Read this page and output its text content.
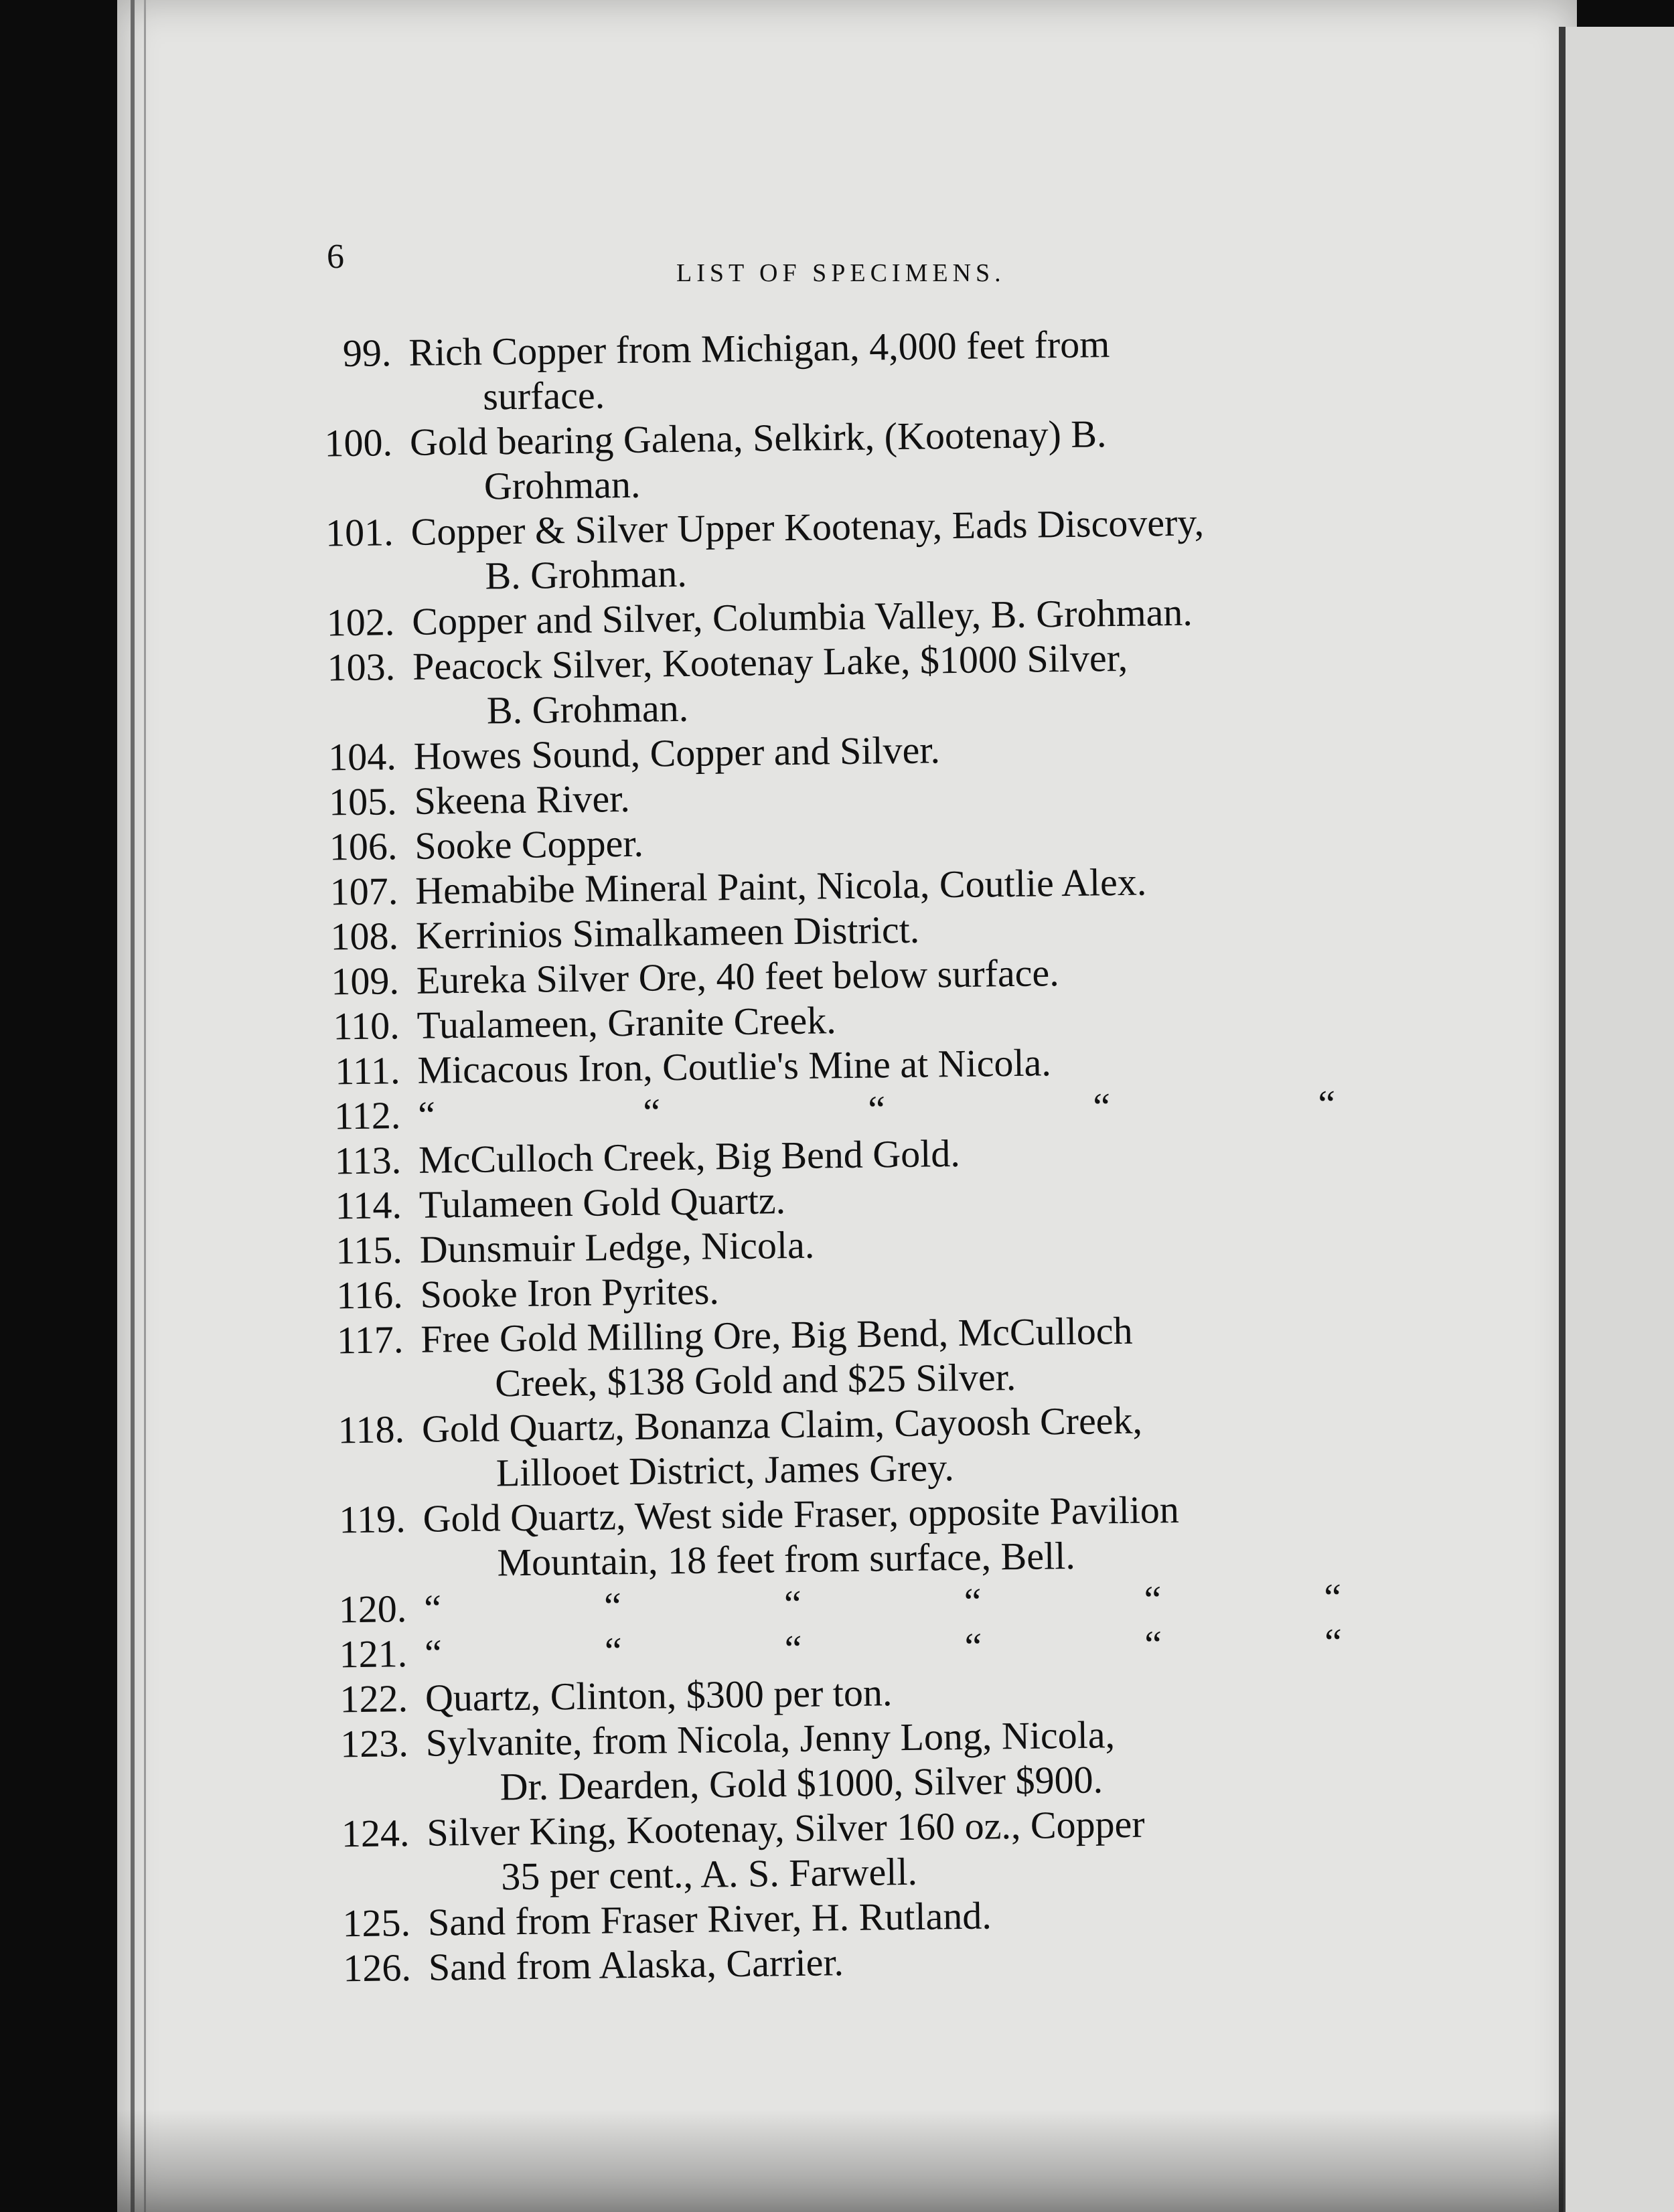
6	LIST OF SPECIMENS.
99. Rich Copper from Michigan, 4,000 feet from
surface.
100. Gold bearing Galena, Selkirk, (Kootenay) B.
Grohman.
101. Copper & Silver Upper Kootenay, Eads Discovery,
B. Grohman.
102. Copper and Silver, Columbia Valley, B. Grohman.
103. Peacock Silver, Kootenay Lake, $1000 Silver,
B. Grohman.
104. Howes Sound, Copper and Silver.
105. Skeena River.
106. Sooke Copper.
107. Hemabibe Mineral Paint, Nicola, Coutlie Alex.
108. Kerrinios Simalkameen District.
109. Eureka Silver Ore, 40 feet below surface.
110. Tualameen, Granite Creek.
111. Micacous Iron, Coutlie's Mine at Nicola.
112. “	“	“	“	“
113. McCulloch Creek, Big Bend Gold.
114. Tulameen Gold Quartz.
115. Dunsmuir Ledge, Nicola.
116. Sooke Iron Pyrites.
117. Free Gold Milling Ore, Big Bend, McCulloch
Creek, $138 Gold and $25 Silver.
118. Gold Quartz, Bonanza Claim, Cayoosh Creek,
Lillooet District, James Grey.
119. Gold Quartz, West side Fraser, opposite Pavilion
Mountain, 18 feet from surface, Bell.
120. “	“	“	“	“	“
121. “	“	“	“	“	“
122. Quartz, Clinton, $300 per ton.
123. Sylvanite, from Nicola, Jenny Long, Nicola,
Dr. Dearden, Gold $1000, Silver $900.
124. Silver King, Kootenay, Silver 160 oz., Copper
35 per cent., A. S. Farwell.
125. Sand from Fraser River, H. Rutland.
126. Sand from Alaska, Carrier.
